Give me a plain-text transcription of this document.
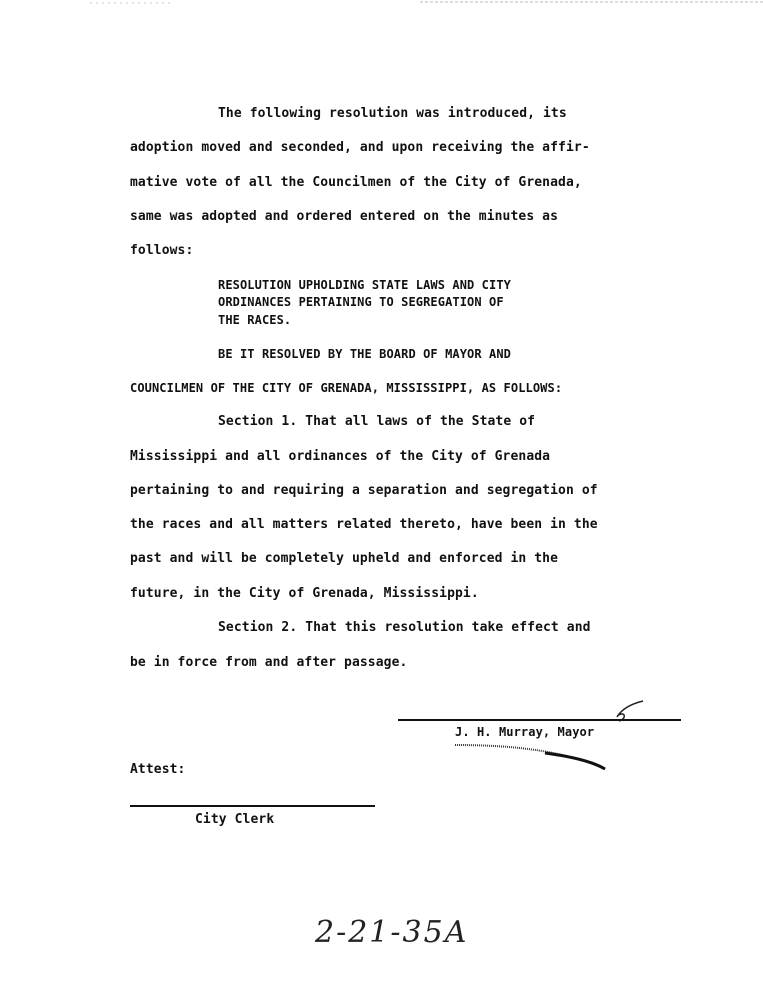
The following resolution was introduced, its
adoption moved and seconded, and upon receiving the affir-
mative vote of all the Councilmen of the City of Grenada,
same was adopted and ordered entered on the minutes as
follows:
RESOLUTION UPHOLDING STATE LAWS AND CITY
ORDINANCES PERTAINING TO SEGREGATION OF
THE RACES.
BE IT RESOLVED BY THE BOARD OF MAYOR AND
COUNCILMEN OF THE CITY OF GRENADA, MISSISSIPPI, AS FOLLOWS:
Section 1. That all laws of the State of
Mississippi and all ordinances of the City of Grenada
pertaining to and requiring a separation and segregation of
the races and all matters related thereto, have been in the
past and will be completely upheld and enforced in the
future, in the City of Grenada, Mississippi.
Section 2. That this resolution take effect and
be in force from and after passage.
J. H. Murray, Mayor
Attest:
City Clerk
2-21-35A
